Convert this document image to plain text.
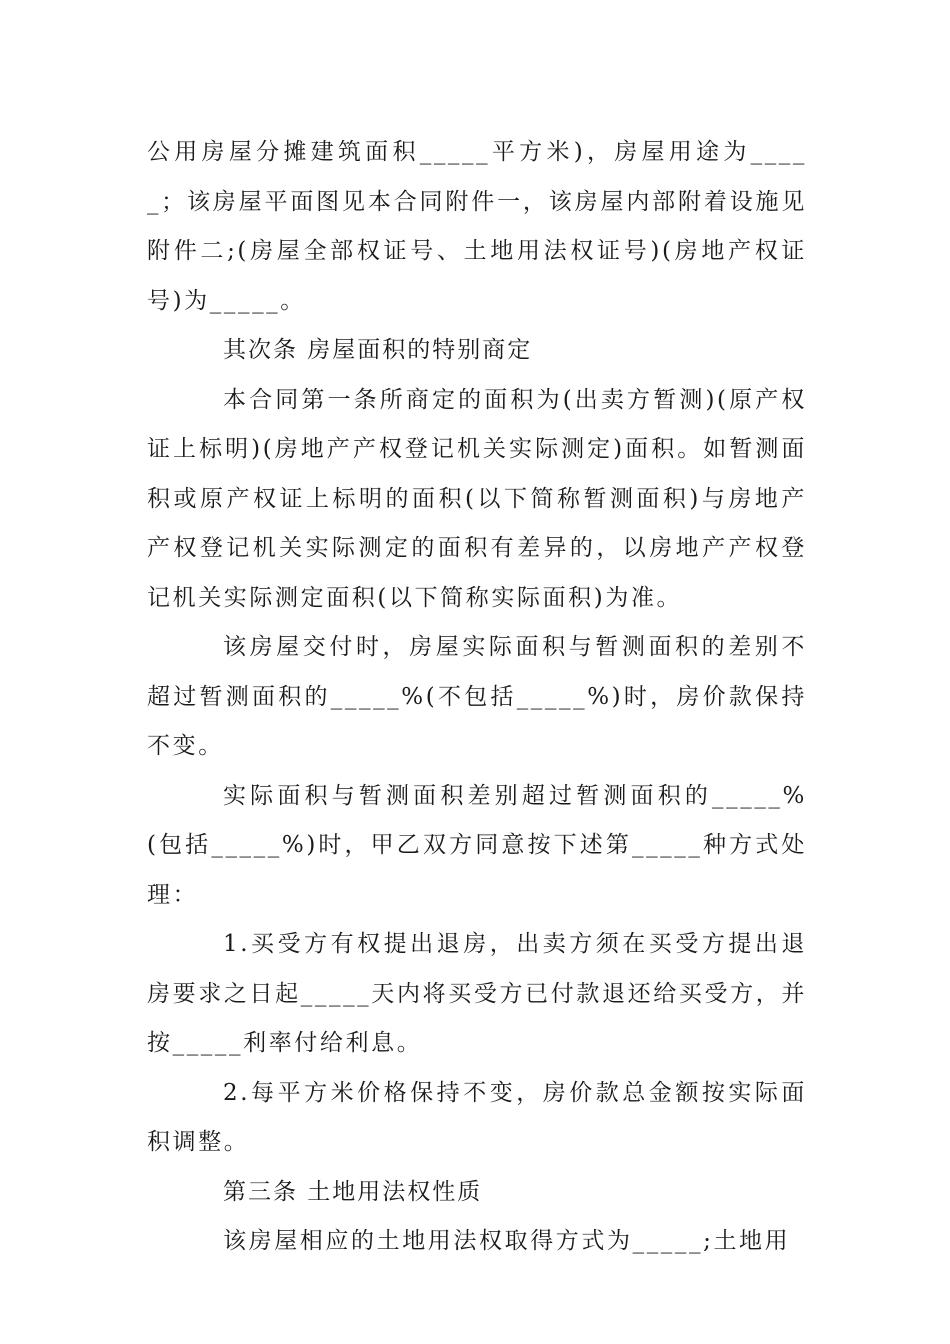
公用房屋分摊建筑面积_____平方米)，房屋用途为_____；该房屋平面图见本合同附件一，该房屋内部附着设施见附件二;(房屋全部权证号、土地用法权证号)(房地产权证号)为_____。

其次条 房屋面积的特别商定

本合同第一条所商定的面积为(出卖方暂测)(原产权证上标明)(房地产产权登记机关实际测定)面积。如暂测面积或原产权证上标明的面积(以下简称暂测面积)与房地产产权登记机关实际测定的面积有差异的，以房地产产权登记机关实际测定面积(以下简称实际面积)为准。

该房屋交付时，房屋实际面积与暂测面积的差别不超过暂测面积的_____%(不包括_____%)时，房价款保持不变。

实际面积与暂测面积差别超过暂测面积的_____%(包括_____%)时，甲乙双方同意按下述第_____种方式处理：

1.买受方有权提出退房，出卖方须在买受方提出退房要求之日起_____天内将买受方已付款退还给买受方，并按_____利率付给利息。

2.每平方米价格保持不变，房价款总金额按实际面积调整。

第三条 土地用法权性质

该房屋相应的土地用法权取得方式为_____;土地用
